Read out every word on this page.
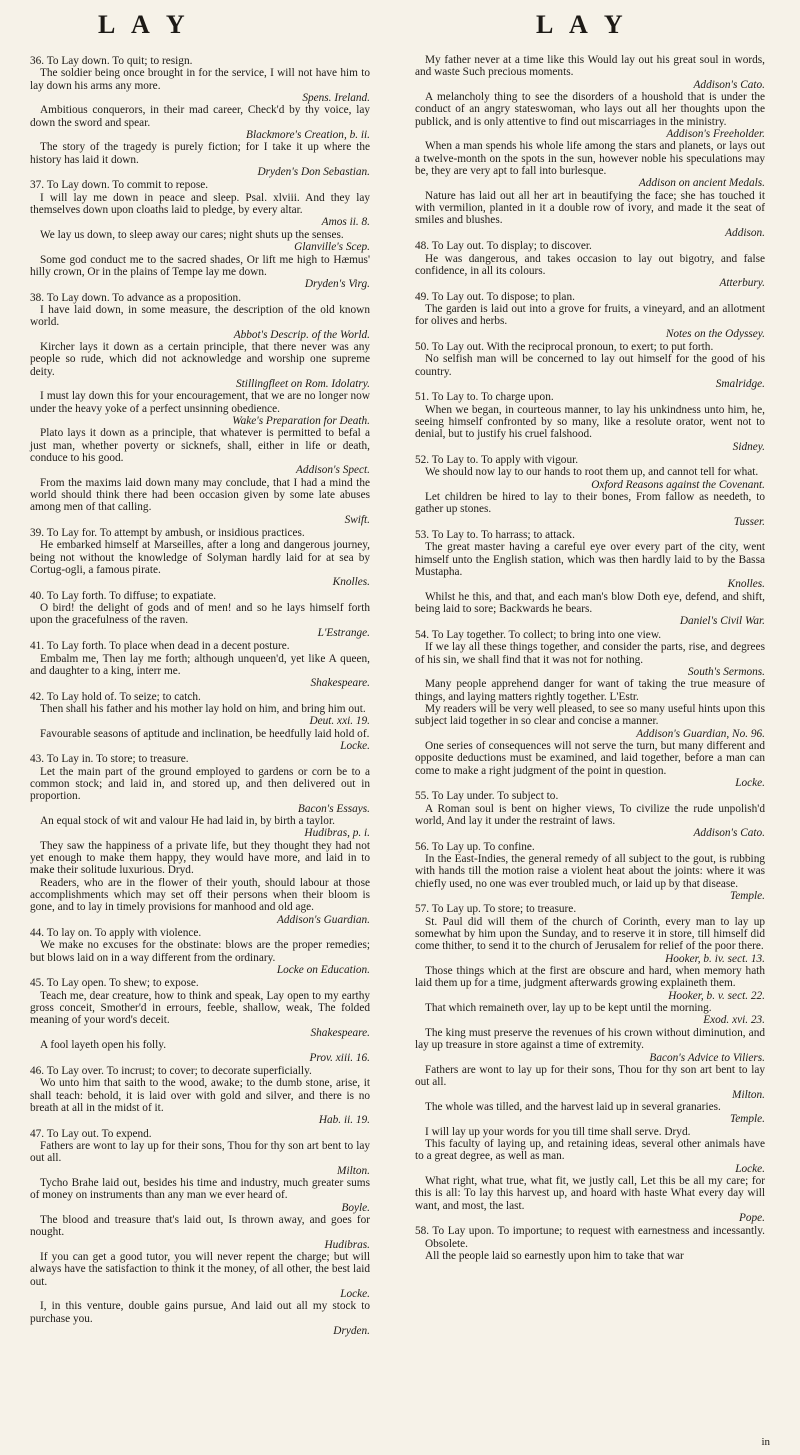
L A Y	L A Y

36. To Lay down. To quit; to resign.

The soldier being once brought in for the service, I will not have him to lay down his arms any more.

Spens. Ireland.

Ambitious conquerors, in their mad career, Check'd by thy voice, lay down the sword and spear.

Blackmore's Creation, b. ii.

The story of the tragedy is purely fiction; for I take it up where the history has laid it down.

Dryden's Don Sebastian.

37. To Lay down. To commit to repose.

I will lay me down in peace and sleep. Psal. xlviii. And they lay themselves down upon cloaths laid to pledge, by every altar.

Amos ii. 8.

We lay us down, to sleep away our cares; night shuts up the senses.

Glanville's Scep.

Some god conduct me to the sacred shades, Or lift me high to Hæmus' hilly crown, Or in the plains of Tempe lay me down.

Dryden's Virg.

38. To Lay down. To advance as a proposition.

I have laid down, in some measure, the description of the old known world.

Abbot's Descrip. of the World.

Kircher lays it down as a certain principle, that there never was any people so rude, which did not acknowledge and worship one supreme deity.

Stillingfleet on Rom. Idolatry.

I must lay down this for your encouragement, that we are no longer now under the heavy yoke of a perfect unsinning obedience.

Wake's Preparation for Death.

Plato lays it down as a principle, that whatever is permitted to befal a just man, whether poverty or sicknefs, shall, either in life or death, conduce to his good.

Addison's Spect.

From the maxims laid down many may conclude, that I had a mind the world should think there had been occasion given by some late abuses among men of that calling.

Swift.

39. To Lay for. To attempt by ambush, or insidious practices.

He embarked himself at Marseilles, after a long and dangerous journey, being not without the knowledge of Solyman hardly laid for at sea by Cortug-ogli, a famous pirate.

Knolles.

40. To Lay forth. To diffuse; to expatiate.

O bird! the delight of gods and of men! and so he lays himself forth upon the gracefulness of the raven.

L'Estrange.

41. To Lay forth. To place when dead in a decent posture.

Embalm me, Then lay me forth; although unqueen'd, yet like A queen, and daughter to a king, interr me.

Shakespeare.

42. To Lay hold of. To seize; to catch.

Then shall his father and his mother lay hold on him, and bring him out.

Deut. xxi. 19.

Favourable seasons of aptitude and inclination, be heedfully laid hold of.

Locke.

43. To Lay in. To store; to treasure.

Let the main part of the ground employed to gardens or corn be to a common stock; and laid in, and stored up, and then delivered out in proportion.

Bacon's Essays.

An equal stock of wit and valour He had laid in, by birth a taylor.

Hudibras, p. i.

They saw the happiness of a private life, but they thought they had not yet enough to make them happy, they would have more, and laid in to make their solitude luxurious. Dryd.

Readers, who are in the flower of their youth, should labour at those accomplishments which may set off their persons when their bloom is gone, and to lay in timely provisions for manhood and old age.

Addison's Guardian.

44. To lay on. To apply with violence.

We make no excuses for the obstinate: blows are the proper remedies; but blows laid on in a way different from the ordinary.

Locke on Education.

45. To Lay open. To shew; to expose.

Teach me, dear creature, how to think and speak, Lay open to my earthy gross conceit, Smother'd in errours, feeble, shallow, weak, The folded meaning of your word's deceit.

Shakespeare.

A fool layeth open his folly.

Prov. xiii. 16.

46. To Lay over. To incrust; to cover; to decorate superficially.

Wo unto him that saith to the wood, awake; to the dumb stone, arise, it shall teach: behold, it is laid over with gold and silver, and there is no breath at all in the midst of it.

Hab. ii. 19.

47. To Lay out. To expend.

Fathers are wont to lay up for their sons, Thou for thy son art bent to lay out all.

Milton.

Tycho Brahe laid out, besides his time and industry, much greater sums of money on instruments than any man we ever heard of.

Boyle.

The blood and treasure that's laid out, Is thrown away, and goes for nought.

Hudibras.

If you can get a good tutor, you will never repent the charge; but will always have the satisfaction to think it the money, of all other, the best laid out.

Locke.

I, in this venture, double gains pursue, And laid out all my stock to purchase you.

Dryden.

My father never at a time like this Would lay out his great soul in words, and waste Such precious moments.

Addison's Cato.

A melancholy thing to see the disorders of a houshold that is under the conduct of an angry stateswoman, who lays out all her thoughts upon the publick, and is only attentive to find out miscarriages in the ministry.

Addison's Freeholder.

When a man spends his whole life among the stars and planets, or lays out a twelve-month on the spots in the sun, however noble his speculations may be, they are very apt to fall into burlesque.

Addison on ancient Medals.

Nature has laid out all her art in beautifying the face; she has touched it with vermilion, planted in it a double row of ivory, and made it the seat of smiles and blushes.

Addison.

48. To Lay out. To display; to discover.

He was dangerous, and takes occasion to lay out bigotry, and false confidence, in all its colours.

Atterbury.

49. To Lay out. To dispose; to plan.

The garden is laid out into a grove for fruits, a vineyard, and an allotment for olives and herbs.

Notes on the Odyssey.

50. To Lay out. With the reciprocal pronoun, to exert; to put forth.

No selfish man will be concerned to lay out himself for the good of his country.

Smalridge.

51. To Lay to. To charge upon.

When we began, in courteous manner, to lay his unkindness unto him, he, seeing himself confronted by so many, like a resolute orator, went not to denial, but to justify his cruel falshood.

Sidney.

52. To Lay to. To apply with vigour.

We should now lay to our hands to root them up, and cannot tell for what.

Oxford Reasons against the Covenant.

Let children be hired to lay to their bones, From fallow as needeth, to gather up stones.

Tusser.

53. To Lay to. To harrass; to attack.

The great master having a careful eye over every part of the city, went himself unto the English station, which was then hardly laid to by the Bassa Mustapha.

Knolles.

Whilst he this, and that, and each man's blow Doth eye, defend, and shift, being laid to sore; Backwards he bears.

Daniel's Civil War.

54. To Lay together. To collect; to bring into one view.

If we lay all these things together, and consider the parts, rise, and degrees of his sin, we shall find that it was not for nothing.

South's Sermons.

Many people apprehend danger for want of taking the true measure of things, and laying matters rightly together. L'Estr.

My readers will be very well pleased, to see so many useful hints upon this subject laid together in so clear and concise a manner.

Addison's Guardian, No. 96.

One series of consequences will not serve the turn, but many different and opposite deductions must be examined, and laid together, before a man can come to make a right judgment of the point in question.

Locke.

55. To Lay under. To subject to.

A Roman soul is bent on higher views, To civilize the rude unpolish'd world, And lay it under the restraint of laws.

Addison's Cato.

56. To Lay up. To confine.

In the East-Indies, the general remedy of all subject to the gout, is rubbing with hands till the motion raise a violent heat about the joints: where it was chiefly used, no one was ever troubled much, or laid up by that disease.

Temple.

57. To Lay up. To store; to treasure.

St. Paul did will them of the church of Corinth, every man to lay up somewhat by him upon the Sunday, and to reserve it in store, till himself did come thither, to send it to the church of Jerusalem for relief of the poor there.

Hooker, b. iv. sect. 13.

Those things which at the first are obscure and hard, when memory hath laid them up for a time, judgment afterwards growing explaineth them.

Hooker, b. v. sect. 22.

That which remaineth over, lay up to be kept until the morning.

Exod. xvi. 23.

The king must preserve the revenues of his crown without diminution, and lay up treasure in store against a time of extremity.

Bacon's Advice to Viliers.

Fathers are wont to lay up for their sons, Thou for thy son art bent to lay out all.

Milton.

The whole was tilled, and the harvest laid up in several granaries.

Temple.

I will lay up your words for you till time shall serve. Dryd.

This faculty of laying up, and retaining ideas, several other animals have to a great degree, as well as man.

Locke.

What right, what true, what fit, we justly call, Let this be all my care; for this is all: To lay this harvest up, and hoard with haste What every day will want, and most, the last.

Pope.

58. To Lay upon. To importune; to request with earnestness and incessantly. Obsolete.

All the people laid so earnestly upon him to take that war

in
